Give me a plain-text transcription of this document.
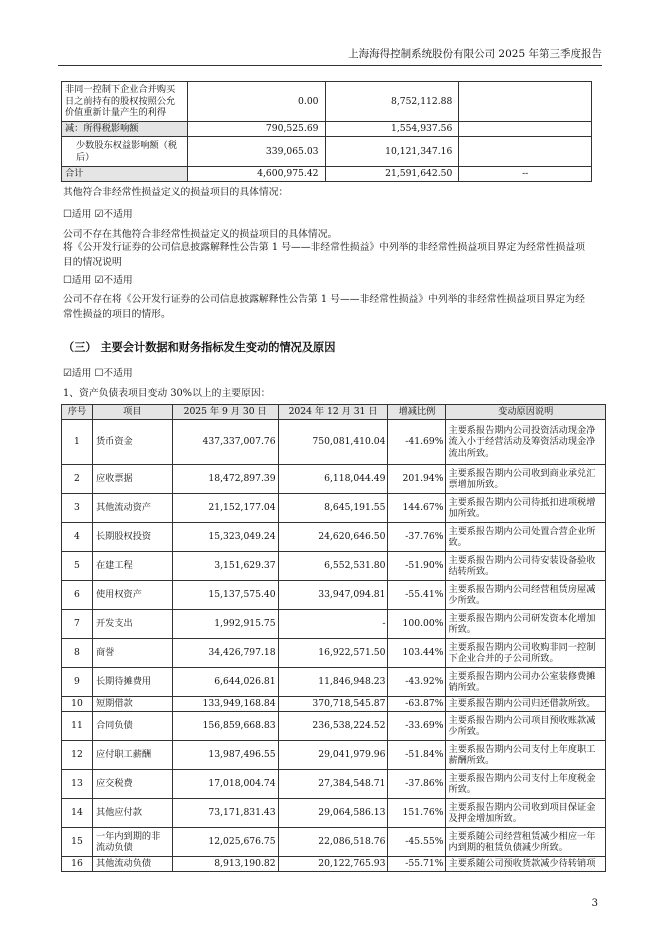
上海海得控制系统股份有限公司 2025 年第三季度报告
非同一控制下企业合并购买日之前持有的股权按照公允价值重新计量产生的利得	0.00	8,752,112.88	
减：所得税影响额	790,525.69	1,554,937.56	
少数股东权益影响额（税后）	339,065.03	10,121,347.16	
合计	4,600,975.42	21,591,642.50	--
其他符合非经常性损益定义的损益项目的具体情况：
☐适用 ☑不适用
公司不存在其他符合非经常性损益定义的损益项目的具体情况。
将《公开发行证券的公司信息披露解释性公告第 1 号——非经常性损益》中列举的非经常性损益项目界定为经常性损益项目的情况说明
☐适用 ☑不适用
公司不存在将《公开发行证券的公司信息披露解释性公告第 1 号——非经常性损益》中列举的非经常性损益项目界定为经常性损益的项目的情形。
（三） 主要会计数据和财务指标发生变动的情况及原因
☑适用 ☐不适用
1、资产负债表项目变动 30%以上的主要原因：
序号	项目	2025 年 9 月 30 日	2024 年 12 月 31 日	增减比例	变动原因说明
1	货币资金	437,337,007.76	750,081,410.04	-41.69%	主要系报告期内公司投资活动现金净流入小于经营活动及筹资活动现金净流出所致。
2	应收票据	18,472,897.39	6,118,044.49	201.94%	主要系报告期内公司收到商业承兑汇票增加所致。
3	其他流动资产	21,152,177.04	8,645,191.55	144.67%	主要系报告期内公司待抵扣进项税增加所致。
4	长期股权投资	15,323,049.24	24,620,646.50	-37.76%	主要系报告期内公司处置合营企业所致。
5	在建工程	3,151,629.37	6,552,531.80	-51.90%	主要系报告期内公司待安装设备验收结转所致。
6	使用权资产	15,137,575.40	33,947,094.81	-55.41%	主要系报告期内公司经营租赁房屋减少所致。
7	开发支出	1,992,915.75	-	100.00%	主要系报告期内公司研发资本化增加所致。
8	商誉	34,426,797.18	16,922,571.50	103.44%	主要系报告期内公司收购非同一控制下企业合并的子公司所致。
9	长期待摊费用	6,644,026.81	11,846,948.23	-43.92%	主要系报告期内公司办公室装修费摊销所致。
10	短期借款	133,949,168.84	370,718,545.87	-63.87%	主要系报告期内公司归还借款所致。
11	合同负债	156,859,668.83	236,538,224.52	-33.69%	主要系报告期内公司项目预收账款减少所致。
12	应付职工薪酬	13,987,496.55	29,041,979.96	-51.84%	主要系报告期内公司支付上年度职工薪酬所致。
13	应交税费	17,018,004.74	27,384,548.71	-37.86%	主要系报告期内公司支付上年度税金所致。
14	其他应付款	73,171,831.43	29,064,586.13	151.76%	主要系报告期内公司收到项目保证金及押金增加所致。
15	一年内到期的非流动负债	12,025,676.75	22,086,518.76	-45.55%	主要系随公司经营租赁减少相应一年内到期的租赁负债减少所致。
16	其他流动负债	8,913,190.82	20,122,765.93	-55.71%	主要系随公司预收货款减少待转销项
3
